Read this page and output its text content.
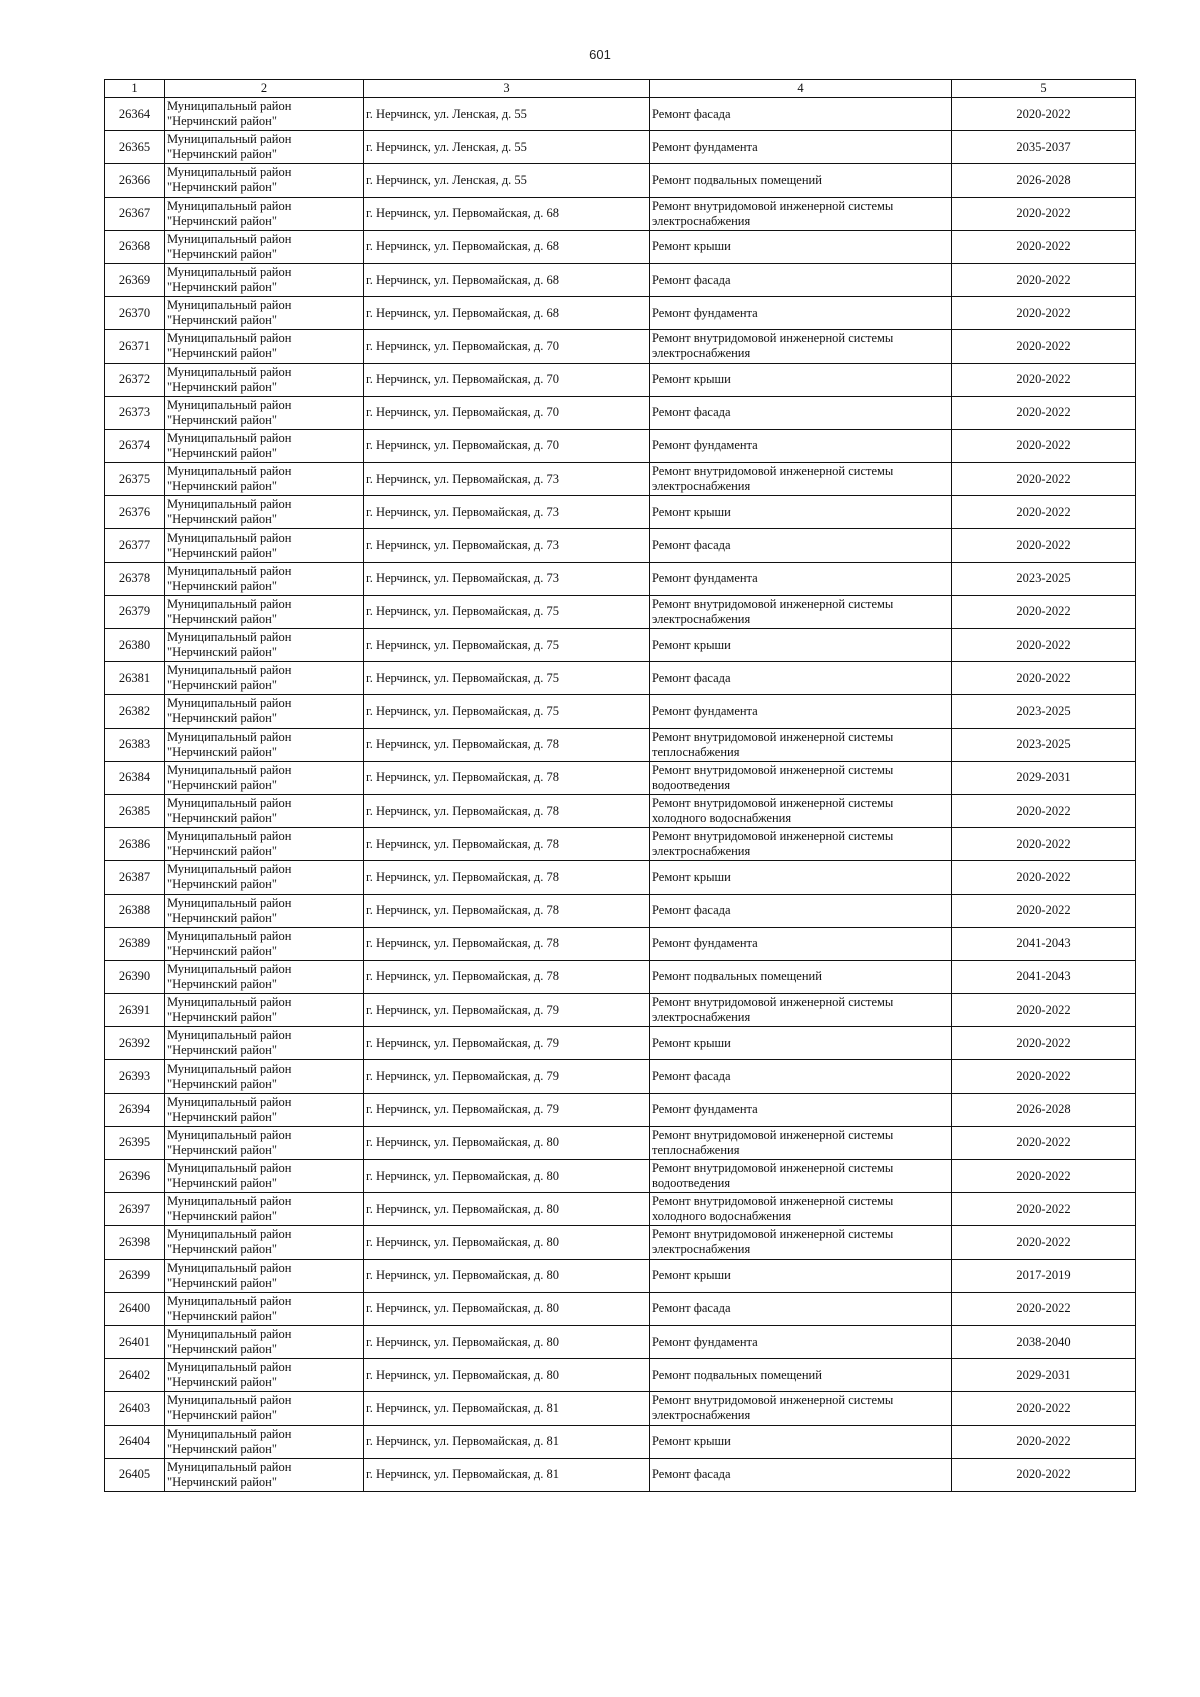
601
1	2	3	4	5
26364	Муниципальный район "Нерчинский район"	г. Нерчинск, ул. Ленская, д. 55	Ремонт фасада	2020-2022
26365	Муниципальный район "Нерчинский район"	г. Нерчинск, ул. Ленская, д. 55	Ремонт фундамента	2035-2037
26366	Муниципальный район "Нерчинский район"	г. Нерчинск, ул. Ленская, д. 55	Ремонт подвальных помещений	2026-2028
26367	Муниципальный район "Нерчинский район"	г. Нерчинск, ул. Первомайская, д. 68	Ремонт внутридомовой инженерной системы электроснабжения	2020-2022
26368	Муниципальный район "Нерчинский район"	г. Нерчинск, ул. Первомайская, д. 68	Ремонт крыши	2020-2022
26369	Муниципальный район "Нерчинский район"	г. Нерчинск, ул. Первомайская, д. 68	Ремонт фасада	2020-2022
26370	Муниципальный район "Нерчинский район"	г. Нерчинск, ул. Первомайская, д. 68	Ремонт фундамента	2020-2022
26371	Муниципальный район "Нерчинский район"	г. Нерчинск, ул. Первомайская, д. 70	Ремонт внутридомовой инженерной системы электроснабжения	2020-2022
26372	Муниципальный район "Нерчинский район"	г. Нерчинск, ул. Первомайская, д. 70	Ремонт крыши	2020-2022
26373	Муниципальный район "Нерчинский район"	г. Нерчинск, ул. Первомайская, д. 70	Ремонт фасада	2020-2022
26374	Муниципальный район "Нерчинский район"	г. Нерчинск, ул. Первомайская, д. 70	Ремонт фундамента	2020-2022
26375	Муниципальный район "Нерчинский район"	г. Нерчинск, ул. Первомайская, д. 73	Ремонт внутридомовой инженерной системы электроснабжения	2020-2022
26376	Муниципальный район "Нерчинский район"	г. Нерчинск, ул. Первомайская, д. 73	Ремонт крыши	2020-2022
26377	Муниципальный район "Нерчинский район"	г. Нерчинск, ул. Первомайская, д. 73	Ремонт фасада	2020-2022
26378	Муниципальный район "Нерчинский район"	г. Нерчинск, ул. Первомайская, д. 73	Ремонт фундамента	2023-2025
26379	Муниципальный район "Нерчинский район"	г. Нерчинск, ул. Первомайская, д. 75	Ремонт внутридомовой инженерной системы электроснабжения	2020-2022
26380	Муниципальный район "Нерчинский район"	г. Нерчинск, ул. Первомайская, д. 75	Ремонт крыши	2020-2022
26381	Муниципальный район "Нерчинский район"	г. Нерчинск, ул. Первомайская, д. 75	Ремонт фасада	2020-2022
26382	Муниципальный район "Нерчинский район"	г. Нерчинск, ул. Первомайская, д. 75	Ремонт фундамента	2023-2025
26383	Муниципальный район "Нерчинский район"	г. Нерчинск, ул. Первомайская, д. 78	Ремонт внутридомовой инженерной системы теплоснабжения	2023-2025
26384	Муниципальный район "Нерчинский район"	г. Нерчинск, ул. Первомайская, д. 78	Ремонт внутридомовой инженерной системы водоотведения	2029-2031
26385	Муниципальный район "Нерчинский район"	г. Нерчинск, ул. Первомайская, д. 78	Ремонт внутридомовой инженерной системы холодного водоснабжения	2020-2022
26386	Муниципальный район "Нерчинский район"	г. Нерчинск, ул. Первомайская, д. 78	Ремонт внутридомовой инженерной системы электроснабжения	2020-2022
26387	Муниципальный район "Нерчинский район"	г. Нерчинск, ул. Первомайская, д. 78	Ремонт крыши	2020-2022
26388	Муниципальный район "Нерчинский район"	г. Нерчинск, ул. Первомайская, д. 78	Ремонт фасада	2020-2022
26389	Муниципальный район "Нерчинский район"	г. Нерчинск, ул. Первомайская, д. 78	Ремонт фундамента	2041-2043
26390	Муниципальный район "Нерчинский район"	г. Нерчинск, ул. Первомайская, д. 78	Ремонт подвальных помещений	2041-2043
26391	Муниципальный район "Нерчинский район"	г. Нерчинск, ул. Первомайская, д. 79	Ремонт внутридомовой инженерной системы электроснабжения	2020-2022
26392	Муниципальный район "Нерчинский район"	г. Нерчинск, ул. Первомайская, д. 79	Ремонт крыши	2020-2022
26393	Муниципальный район "Нерчинский район"	г. Нерчинск, ул. Первомайская, д. 79	Ремонт фасада	2020-2022
26394	Муниципальный район "Нерчинский район"	г. Нерчинск, ул. Первомайская, д. 79	Ремонт фундамента	2026-2028
26395	Муниципальный район "Нерчинский район"	г. Нерчинск, ул. Первомайская, д. 80	Ремонт внутридомовой инженерной системы теплоснабжения	2020-2022
26396	Муниципальный район "Нерчинский район"	г. Нерчинск, ул. Первомайская, д. 80	Ремонт внутридомовой инженерной системы водоотведения	2020-2022
26397	Муниципальный район "Нерчинский район"	г. Нерчинск, ул. Первомайская, д. 80	Ремонт внутридомовой инженерной системы холодного водоснабжения	2020-2022
26398	Муниципальный район "Нерчинский район"	г. Нерчинск, ул. Первомайская, д. 80	Ремонт внутридомовой инженерной системы электроснабжения	2020-2022
26399	Муниципальный район "Нерчинский район"	г. Нерчинск, ул. Первомайская, д. 80	Ремонт крыши	2017-2019
26400	Муниципальный район "Нерчинский район"	г. Нерчинск, ул. Первомайская, д. 80	Ремонт фасада	2020-2022
26401	Муниципальный район "Нерчинский район"	г. Нерчинск, ул. Первомайская, д. 80	Ремонт фундамента	2038-2040
26402	Муниципальный район "Нерчинский район"	г. Нерчинск, ул. Первомайская, д. 80	Ремонт подвальных помещений	2029-2031
26403	Муниципальный район "Нерчинский район"	г. Нерчинск, ул. Первомайская, д. 81	Ремонт внутридомовой инженерной системы электроснабжения	2020-2022
26404	Муниципальный район "Нерчинский район"	г. Нерчинск, ул. Первомайская, д. 81	Ремонт крыши	2020-2022
26405	Муниципальный район "Нерчинский район"	г. Нерчинск, ул. Первомайская, д. 81	Ремонт фасада	2020-2022
